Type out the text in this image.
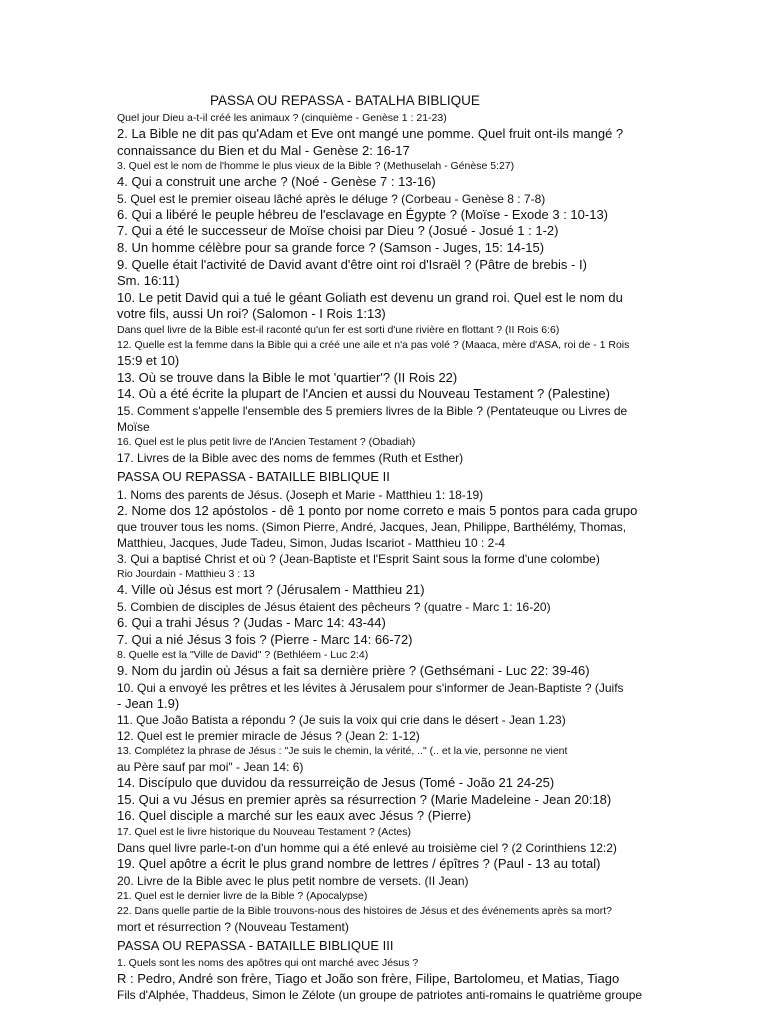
PASSA OU REPASSA - BATALHA BIBLIQUE
Quel jour Dieu a-t-il créé les animaux ? (cinquième - Genèse 1 : 21-23)
2. La Bible ne dit pas qu'Adam et Eve ont mangé une pomme. Quel fruit ont-ils mangé ?
connaissance du Bien et du Mal - Genèse 2: 16-17
3. Quel est le nom de l'homme le plus vieux de la Bible ? (Methuselah - Génèse 5:27)
4. Qui a construit une arche ? (Noé - Genèse 7 : 13-16)
5. Quel est le premier oiseau lâché après le déluge ? (Corbeau - Genèse 8 : 7-8)
6. Qui a libéré le peuple hébreu de l'esclavage en Égypte ? (Moïse - Exode 3 : 10-13)
7. Qui a été le successeur de Moïse choisi par Dieu ? (Josué - Josué 1 : 1-2)
8. Un homme célèbre pour sa grande force ? (Samson - Juges, 15: 14-15)
9. Quelle était l'activité de David avant d'être oint roi d'Israël ? (Pâtre de brebis - I)
Sm. 16:11)
10. Le petit David qui a tué le géant Goliath est devenu un grand roi. Quel est le nom du
votre fils, aussi Un roi? (Salomon - I Rois 1:13)
Dans quel livre de la Bible est-il raconté qu'un fer est sorti d'une rivière en flottant ? (II Rois 6:6)
12. Quelle est la femme dans la Bible qui a créé une aile et n'a pas volé ? (Maaca, mère d'ASA, roi de - 1 Rois
15:9 et 10)
13. Où se trouve dans la Bible le mot 'quartier'? (II Rois 22)
14. Où a été écrite la plupart de l'Ancien et aussi du Nouveau Testament ? (Palestine)
15. Comment s'appelle l'ensemble des 5 premiers livres de la Bible ? (Pentateuque ou Livres de
Moïse
16. Quel est le plus petit livre de l'Ancien Testament ? (Obadiah)
17. Livres de la Bible avec des noms de femmes (Ruth et Esther)
PASSA OU REPASSA - BATAILLE BIBLIQUE II
1. Noms des parents de Jésus. (Joseph et Marie - Matthieu 1: 18-19)
2. Nome dos 12 apóstolos - dê 1 ponto por nome correto e mais 5 pontos para cada grupo
que trouver tous les noms. (Simon Pierre, André, Jacques, Jean, Philippe, Barthélémy, Thomas,
Matthieu, Jacques, Jude Tadeu, Simon, Judas Iscariot - Matthieu 10 : 2-4
3. Qui a baptisé Christ et où ? (Jean-Baptiste et l'Esprit Saint sous la forme d'une colombe)
Rio Jourdain - Matthieu 3 : 13
4. Ville où Jésus est mort ? (Jérusalem - Matthieu 21)
5. Combien de disciples de Jésus étaient des pêcheurs ? (quatre - Marc 1: 16-20)
6. Qui a trahi Jésus ? (Judas - Marc 14: 43-44)
7. Qui a nié Jésus 3 fois ? (Pierre - Marc 14: 66-72)
8. Quelle est la "Ville de David" ? (Bethléem - Luc 2:4)
9. Nom du jardin où Jésus a fait sa dernière prière ? (Gethsémani - Luc 22: 39-46)
10. Qui a envoyé les prêtres et les lévites à Jérusalem pour s'informer de Jean-Baptiste ? (Juifs
- Jean 1.9)
11. Que João Batista a répondu ? (Je suis la voix qui crie dans le désert - Jean 1.23)
12. Quel est le premier miracle de Jésus ? (Jean 2: 1-12)
13. Complétez la phrase de Jésus : "Je suis le chemin, la vérité, .." (.. et la vie, personne ne vient
au Père sauf par moi" - Jean 14: 6)
14. Discípulo que duvidou da ressurreição de Jesus (Tomé - João 21 24-25)
15. Qui a vu Jésus en premier après sa résurrection ? (Marie Madeleine - Jean 20:18)
16. Quel disciple a marché sur les eaux avec Jésus ? (Pierre)
17. Quel est le livre historique du Nouveau Testament ? (Actes)
Dans quel livre parle-t-on d'un homme qui a été enlevé au troisième ciel ? (2 Corinthiens 12:2)
19. Quel apôtre a écrit le plus grand nombre de lettres / épîtres ? (Paul - 13 au total)
20. Livre de la Bible avec le plus petit nombre de versets. (II Jean)
21. Quel est le dernier livre de la Bible ? (Apocalypse)
22. Dans quelle partie de la Bible trouvons-nous des histoires de Jésus et des événements après sa mort?
mort et résurrection ? (Nouveau Testament)
PASSA OU REPASSA - BATAILLE BIBLIQUE III
1. Quels sont les noms des apôtres qui ont marché avec Jésus ?
R : Pedro, André son frère, Tiago et João son frère, Filipe, Bartolomeu, et Matias, Tiago
Fils d'Alphée, Thaddeus, Simon le Zélote (un groupe de patriotes anti-romains le quatrième groupe
